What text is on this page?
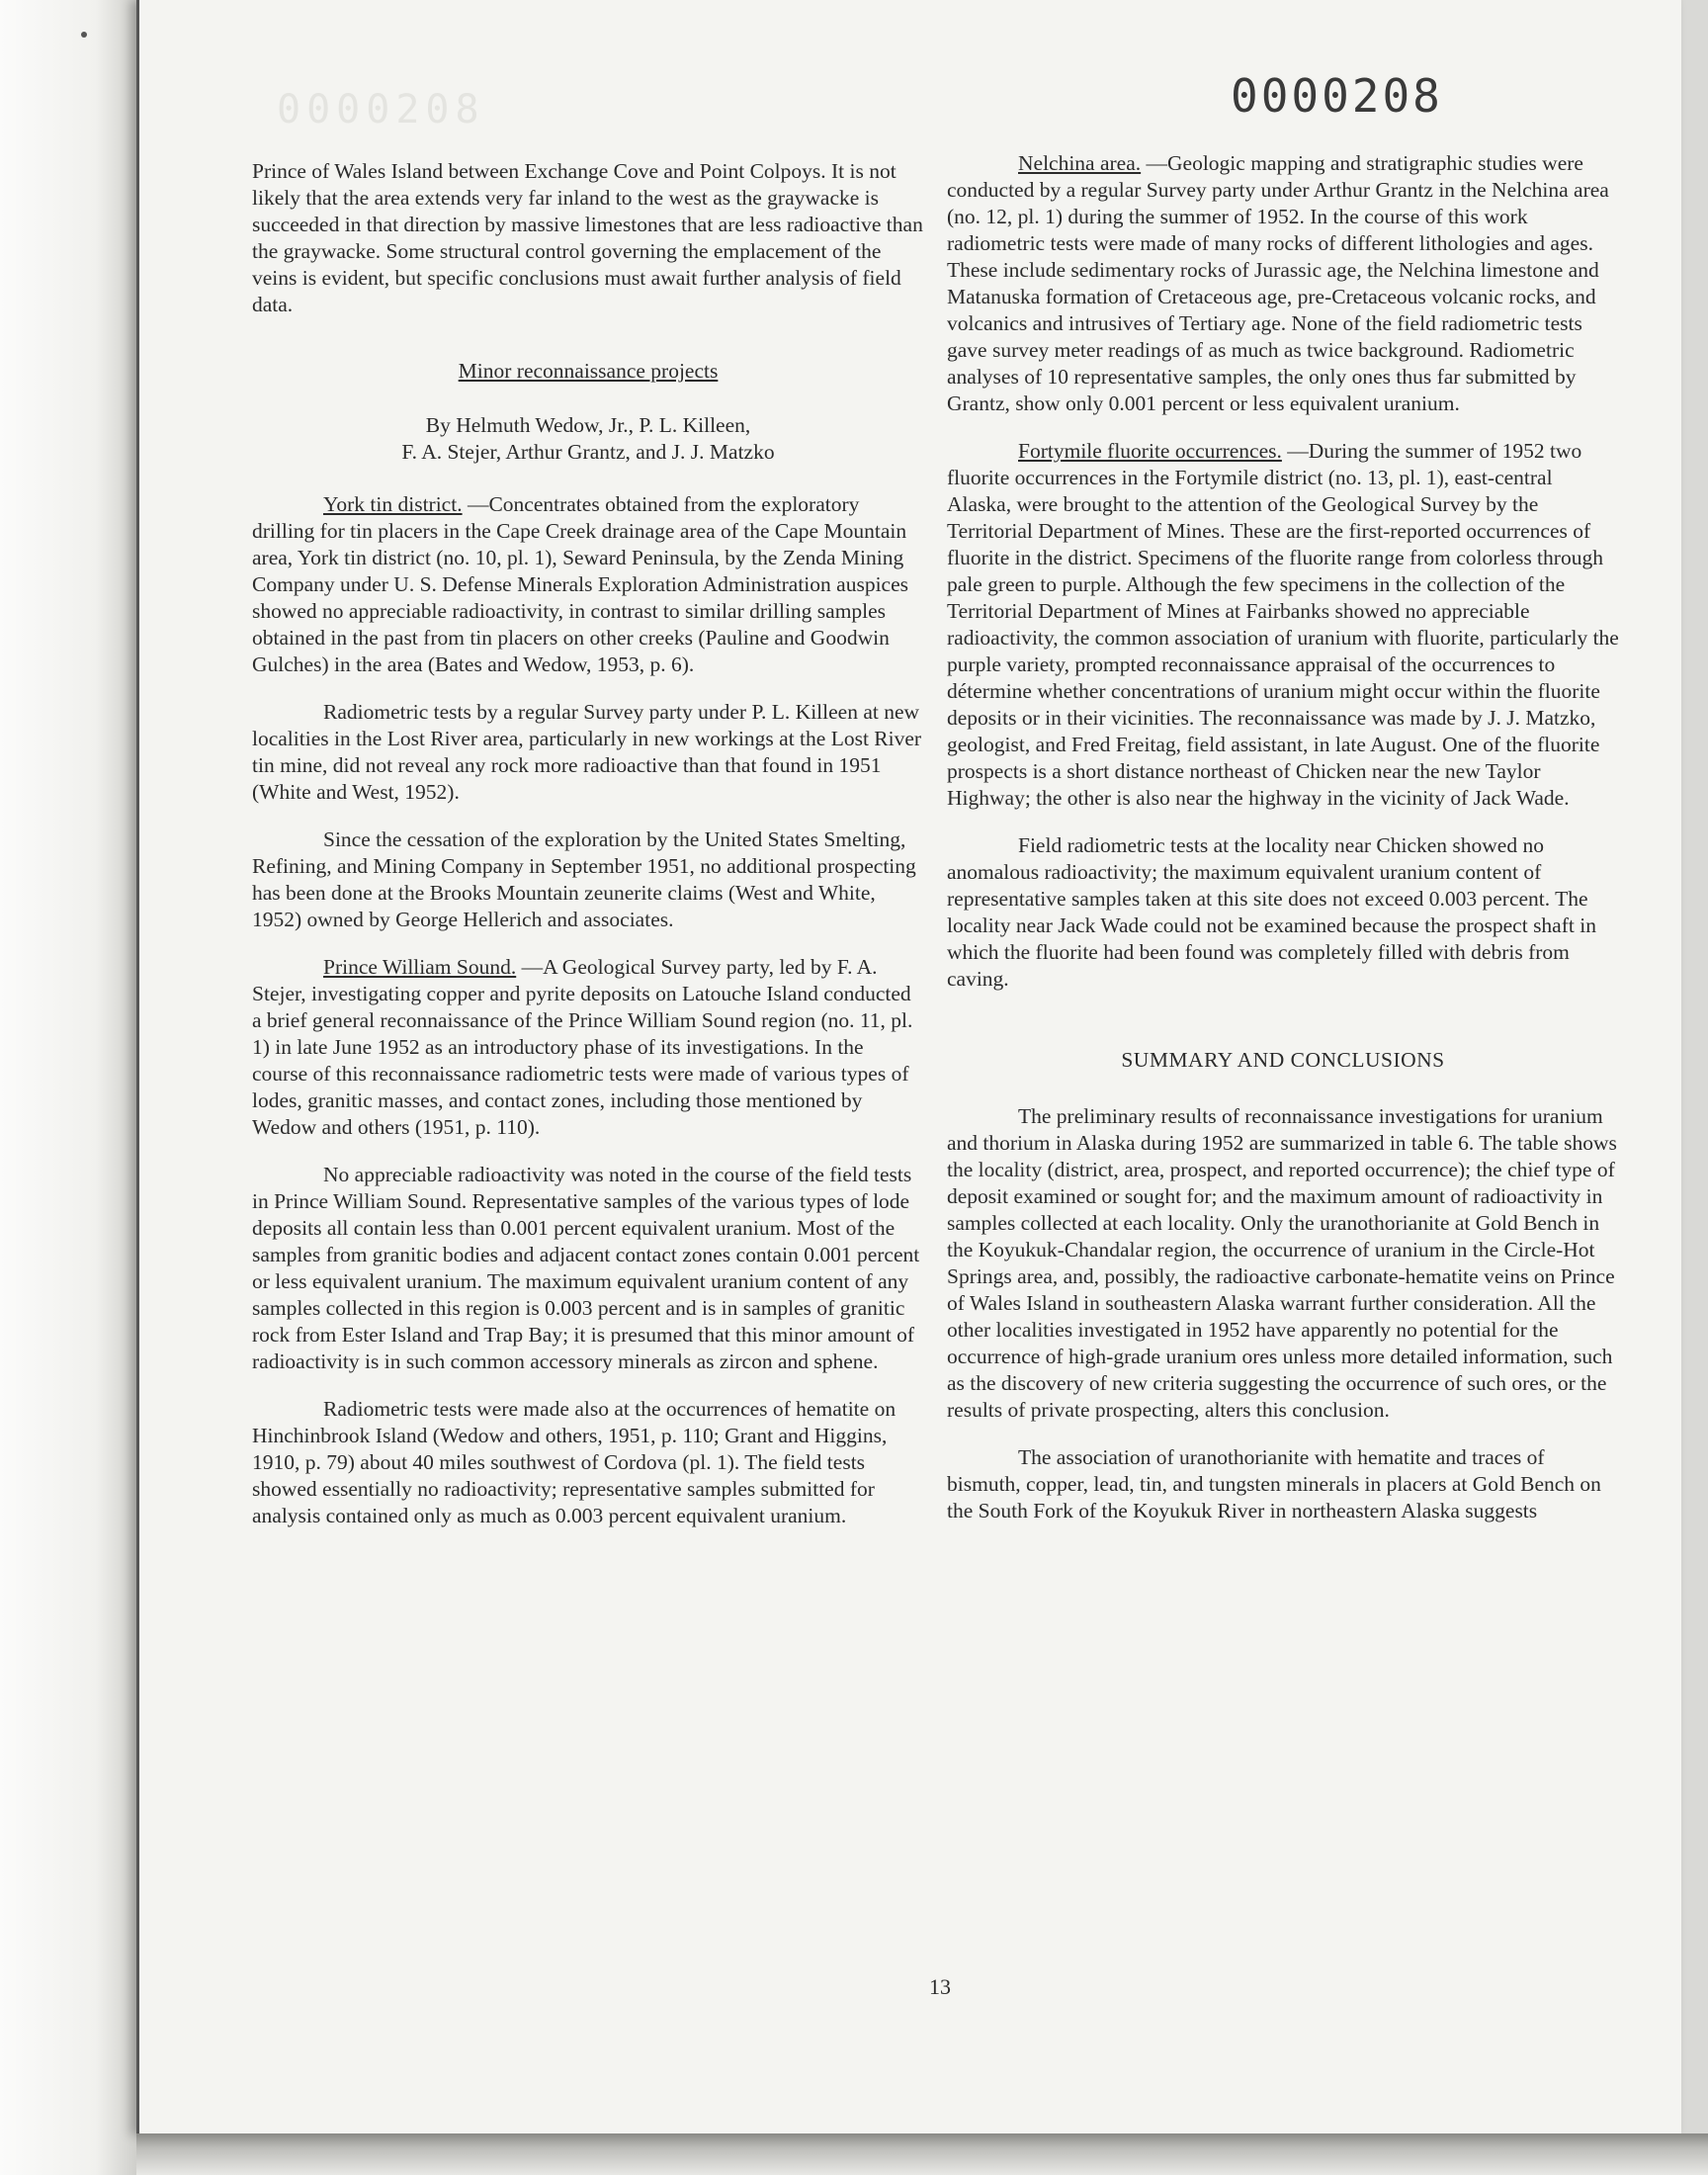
0000208	0000208

Prince of Wales Island between Exchange Cove and Point Colpoys. It is not likely that the area extends very far inland to the west as the graywacke is succeeded in that direction by massive limestones that are less radioactive than the graywacke. Some structural control governing the emplacement of the veins is evident, but specific conclusions must await further analysis of field data.

Minor reconnaissance projects

By Helmuth Wedow, Jr., P. L. Killeen,
F. A. Stejer, Arthur Grantz, and J. J. Matzko

York tin district. —Concentrates obtained from the exploratory drilling for tin placers in the Cape Creek drainage area of the Cape Mountain area, York tin district (no. 10, pl. 1), Seward Peninsula, by the Zenda Mining Company under U. S. Defense Minerals Exploration Administration auspices showed no appreciable radioactivity, in contrast to similar drilling samples obtained in the past from tin placers on other creeks (Pauline and Goodwin Gulches) in the area (Bates and Wedow, 1953, p. 6).

Radiometric tests by a regular Survey party under P. L. Killeen at new localities in the Lost River area, particularly in new workings at the Lost River tin mine, did not reveal any rock more radioactive than that found in 1951 (White and West, 1952).

Since the cessation of the exploration by the United States Smelting, Refining, and Mining Company in September 1951, no additional prospecting has been done at the Brooks Mountain zeunerite claims (West and White, 1952) owned by George Hellerich and associates.

Prince William Sound. —A Geological Survey party, led by F. A. Stejer, investigating copper and pyrite deposits on Latouche Island conducted a brief general reconnaissance of the Prince William Sound region (no. 11, pl. 1) in late June 1952 as an introductory phase of its investigations. In the course of this reconnaissance radiometric tests were made of various types of lodes, granitic masses, and contact zones, including those mentioned by Wedow and others (1951, p. 110).

No appreciable radioactivity was noted in the course of the field tests in Prince William Sound. Representative samples of the various types of lode deposits all contain less than 0.001 percent equivalent uranium. Most of the samples from granitic bodies and adjacent contact zones contain 0.001 percent or less equivalent uranium. The maximum equivalent uranium content of any samples collected in this region is 0.003 percent and is in samples of granitic rock from Ester Island and Trap Bay; it is presumed that this minor amount of radioactivity is in such common accessory minerals as zircon and sphene.

Radiometric tests were made also at the occurrences of hematite on Hinchinbrook Island (Wedow and others, 1951, p. 110; Grant and Higgins, 1910, p. 79) about 40 miles southwest of Cordova (pl. 1). The field tests showed essentially no radioactivity; representative samples submitted for analysis contained only as much as 0.003 percent equivalent uranium.

Nelchina area. —Geologic mapping and stratigraphic studies were conducted by a regular Survey party under Arthur Grantz in the Nelchina area (no. 12, pl. 1) during the summer of 1952. In the course of this work radiometric tests were made of many rocks of different lithologies and ages. These include sedimentary rocks of Jurassic age, the Nelchina limestone and Matanuska formation of Cretaceous age, pre-Cretaceous volcanic rocks, and volcanics and intrusives of Tertiary age. None of the field radiometric tests gave survey meter readings of as much as twice background. Radiometric analyses of 10 representative samples, the only ones thus far submitted by Grantz, show only 0.001 percent or less equivalent uranium.

Fortymile fluorite occurrences. —During the summer of 1952 two fluorite occurrences in the Fortymile district (no. 13, pl. 1), east-central Alaska, were brought to the attention of the Geological Survey by the Territorial Department of Mines. These are the first-reported occurrences of fluorite in the district. Specimens of the fluorite range from colorless through pale green to purple. Although the few specimens in the collection of the Territorial Department of Mines at Fairbanks showed no appreciable radioactivity, the common association of uranium with fluorite, particularly the purple variety, prompted reconnaissance appraisal of the occurrences to détermine whether concentrations of uranium might occur within the fluorite deposits or in their vicinities. The reconnaissance was made by J. J. Matzko, geologist, and Fred Freitag, field assistant, in late August. One of the fluorite prospects is a short distance northeast of Chicken near the new Taylor Highway; the other is also near the highway in the vicinity of Jack Wade.

Field radiometric tests at the locality near Chicken showed no anomalous radioactivity; the maximum equivalent uranium content of representative samples taken at this site does not exceed 0.003 percent. The locality near Jack Wade could not be examined because the prospect shaft in which the fluorite had been found was completely filled with debris from caving.

SUMMARY AND CONCLUSIONS

The preliminary results of reconnaissance investigations for uranium and thorium in Alaska during 1952 are summarized in table 6. The table shows the locality (district, area, prospect, and reported occurrence); the chief type of deposit examined or sought for; and the maximum amount of radioactivity in samples collected at each locality. Only the uranothorianite at Gold Bench in the Koyukuk-Chandalar region, the occurrence of uranium in the Circle-Hot Springs area, and, possibly, the radioactive carbonate-hematite veins on Prince of Wales Island in southeastern Alaska warrant further consideration. All the other localities investigated in 1952 have apparently no potential for the occurrence of high-grade uranium ores unless more detailed information, such as the discovery of new criteria suggesting the occurrence of such ores, or the results of private prospecting, alters this conclusion.

The association of uranothorianite with hematite and traces of bismuth, copper, lead, tin, and tungsten minerals in placers at Gold Bench on the South Fork of the Koyukuk River in northeastern Alaska suggests

13
